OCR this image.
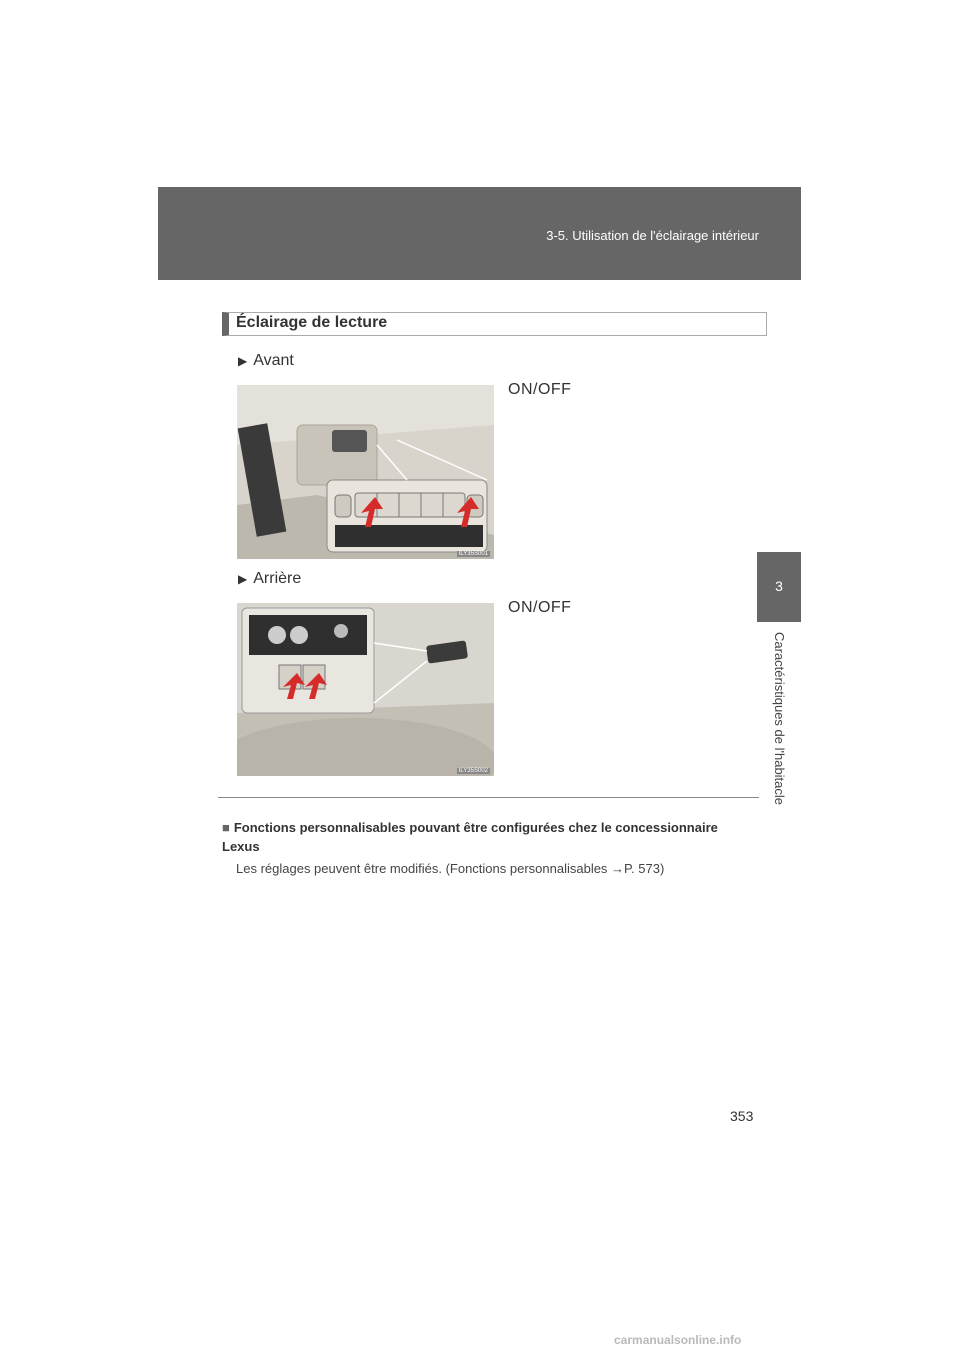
3-5. Utilisation de l'éclairage intérieur
3
Caractéristiques de l'habitacle
Éclairage de lecture
▶ Avant
ON/OFF
ILY35S001
▶ Arrière
ON/OFF
ILY35S002
■ Fonctions personnalisables pouvant être configurées chez le concessionnaire Lexus
Les réglages peuvent être modifiés. (Fonctions personnalisables →P. 573)
353
carmanualsonline.info
